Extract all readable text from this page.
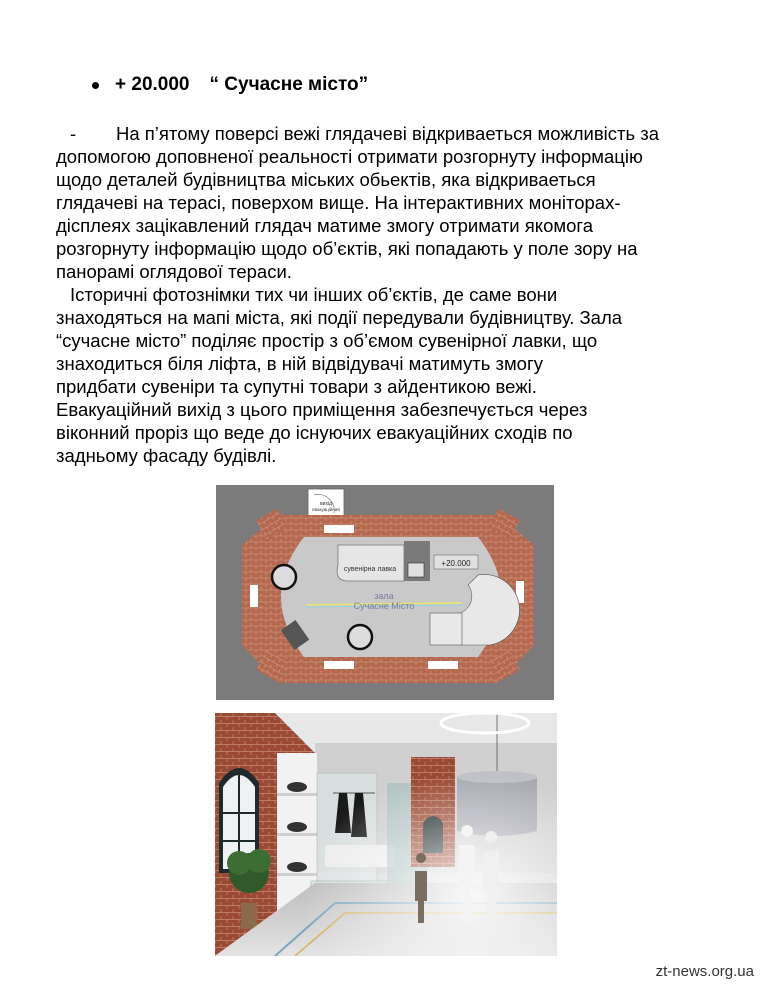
+ 20.000 “ Сучасне місто”

- На п’ятому поверсі вежі глядачеві відкриваеться можливість за
допомогою доповненої реальності отримати розгорнуту інформацію
щодо деталей будівництва міських обьектів, яка відкриваеться
глядачеві на терасі, поверхом вище. На інтерактивних моніторах-
дісплеях зацікавлений глядач матиме змогу отримати якомога
розгорнуту інформацію щодо об’єктів, які попадають у поле зору на
панорамі оглядової тераси.

Історичні фотознімки тих чи інших об’єктів, де саме вони
знаходяться на мапі міста, які події передували будівництву. Зала
“сучасне місто” поділяє простір з об’ємом сувенірної лавки, що
знаходиться біля ліфта, в ній відвідувачі матимуть змогу
придбати сувеніри та супутні товари з айдентикою вежі.
Евакуаційний вихід з цього приміщення забезпечується через
віконний проріз що веде до існуючих евакуаційних сходів по
задньому фасаду будівлі.

вихід
евакуаційний
сувенірна лавка
+20.000
зала
Сучасне Місто
zt-news.org.ua
